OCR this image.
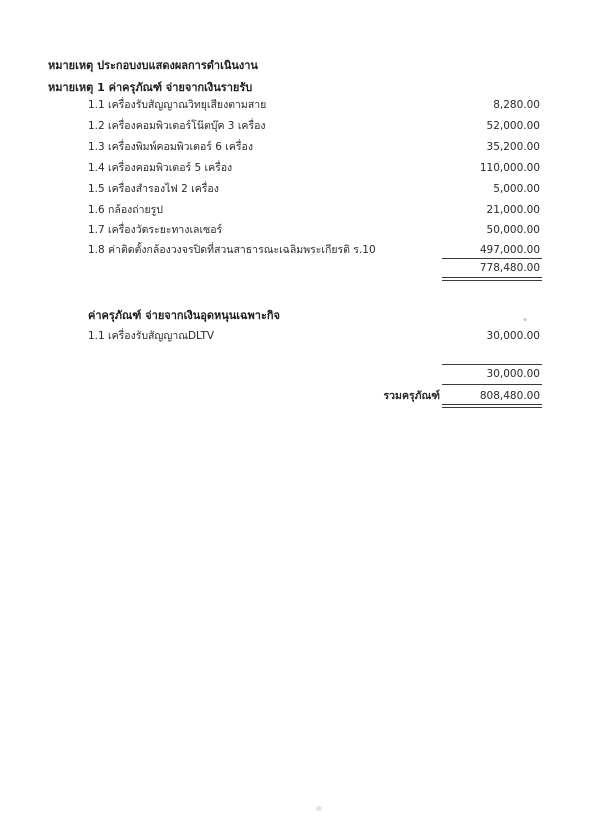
หมายเหตุ ประกอบงบแสดงผลการดำเนินงาน
หมายเหตุ 1 ค่าครุภัณฑ์ จ่ายจากเงินรายรับ
1.1 เครื่องรับสัญญาณวิทยุเสียงตามสาย	8,280.00
1.2 เครื่องคอมพิวเตอร์โน๊ตบุ๊ค 3 เครื่อง	52,000.00
1.3 เครื่องพิมพ์คอมพิวเตอร์ 6 เครื่อง	35,200.00
1.4 เครื่องคอมพิวเตอร์ 5 เครื่อง	110,000.00
1.5 เครื่องสำรองไฟ 2 เครื่อง	5,000.00
1.6 กล้องถ่ายรูป	21,000.00
1.7 เครื่องวัดระยะทางเลเซอร์	50,000.00
1.8 ค่าติดตั้งกล้องวงจรปิดที่สวนสาธารณะเฉลิมพระเกียรติ ร.10	497,000.00
778,480.00
ค่าครุภัณฑ์ จ่ายจากเงินอุดหนุนเฉพาะกิจ
1.1 เครื่องรับสัญญาณDLTV	30,000.00
30,000.00
รวมครุภัณฑ์	808,480.00
